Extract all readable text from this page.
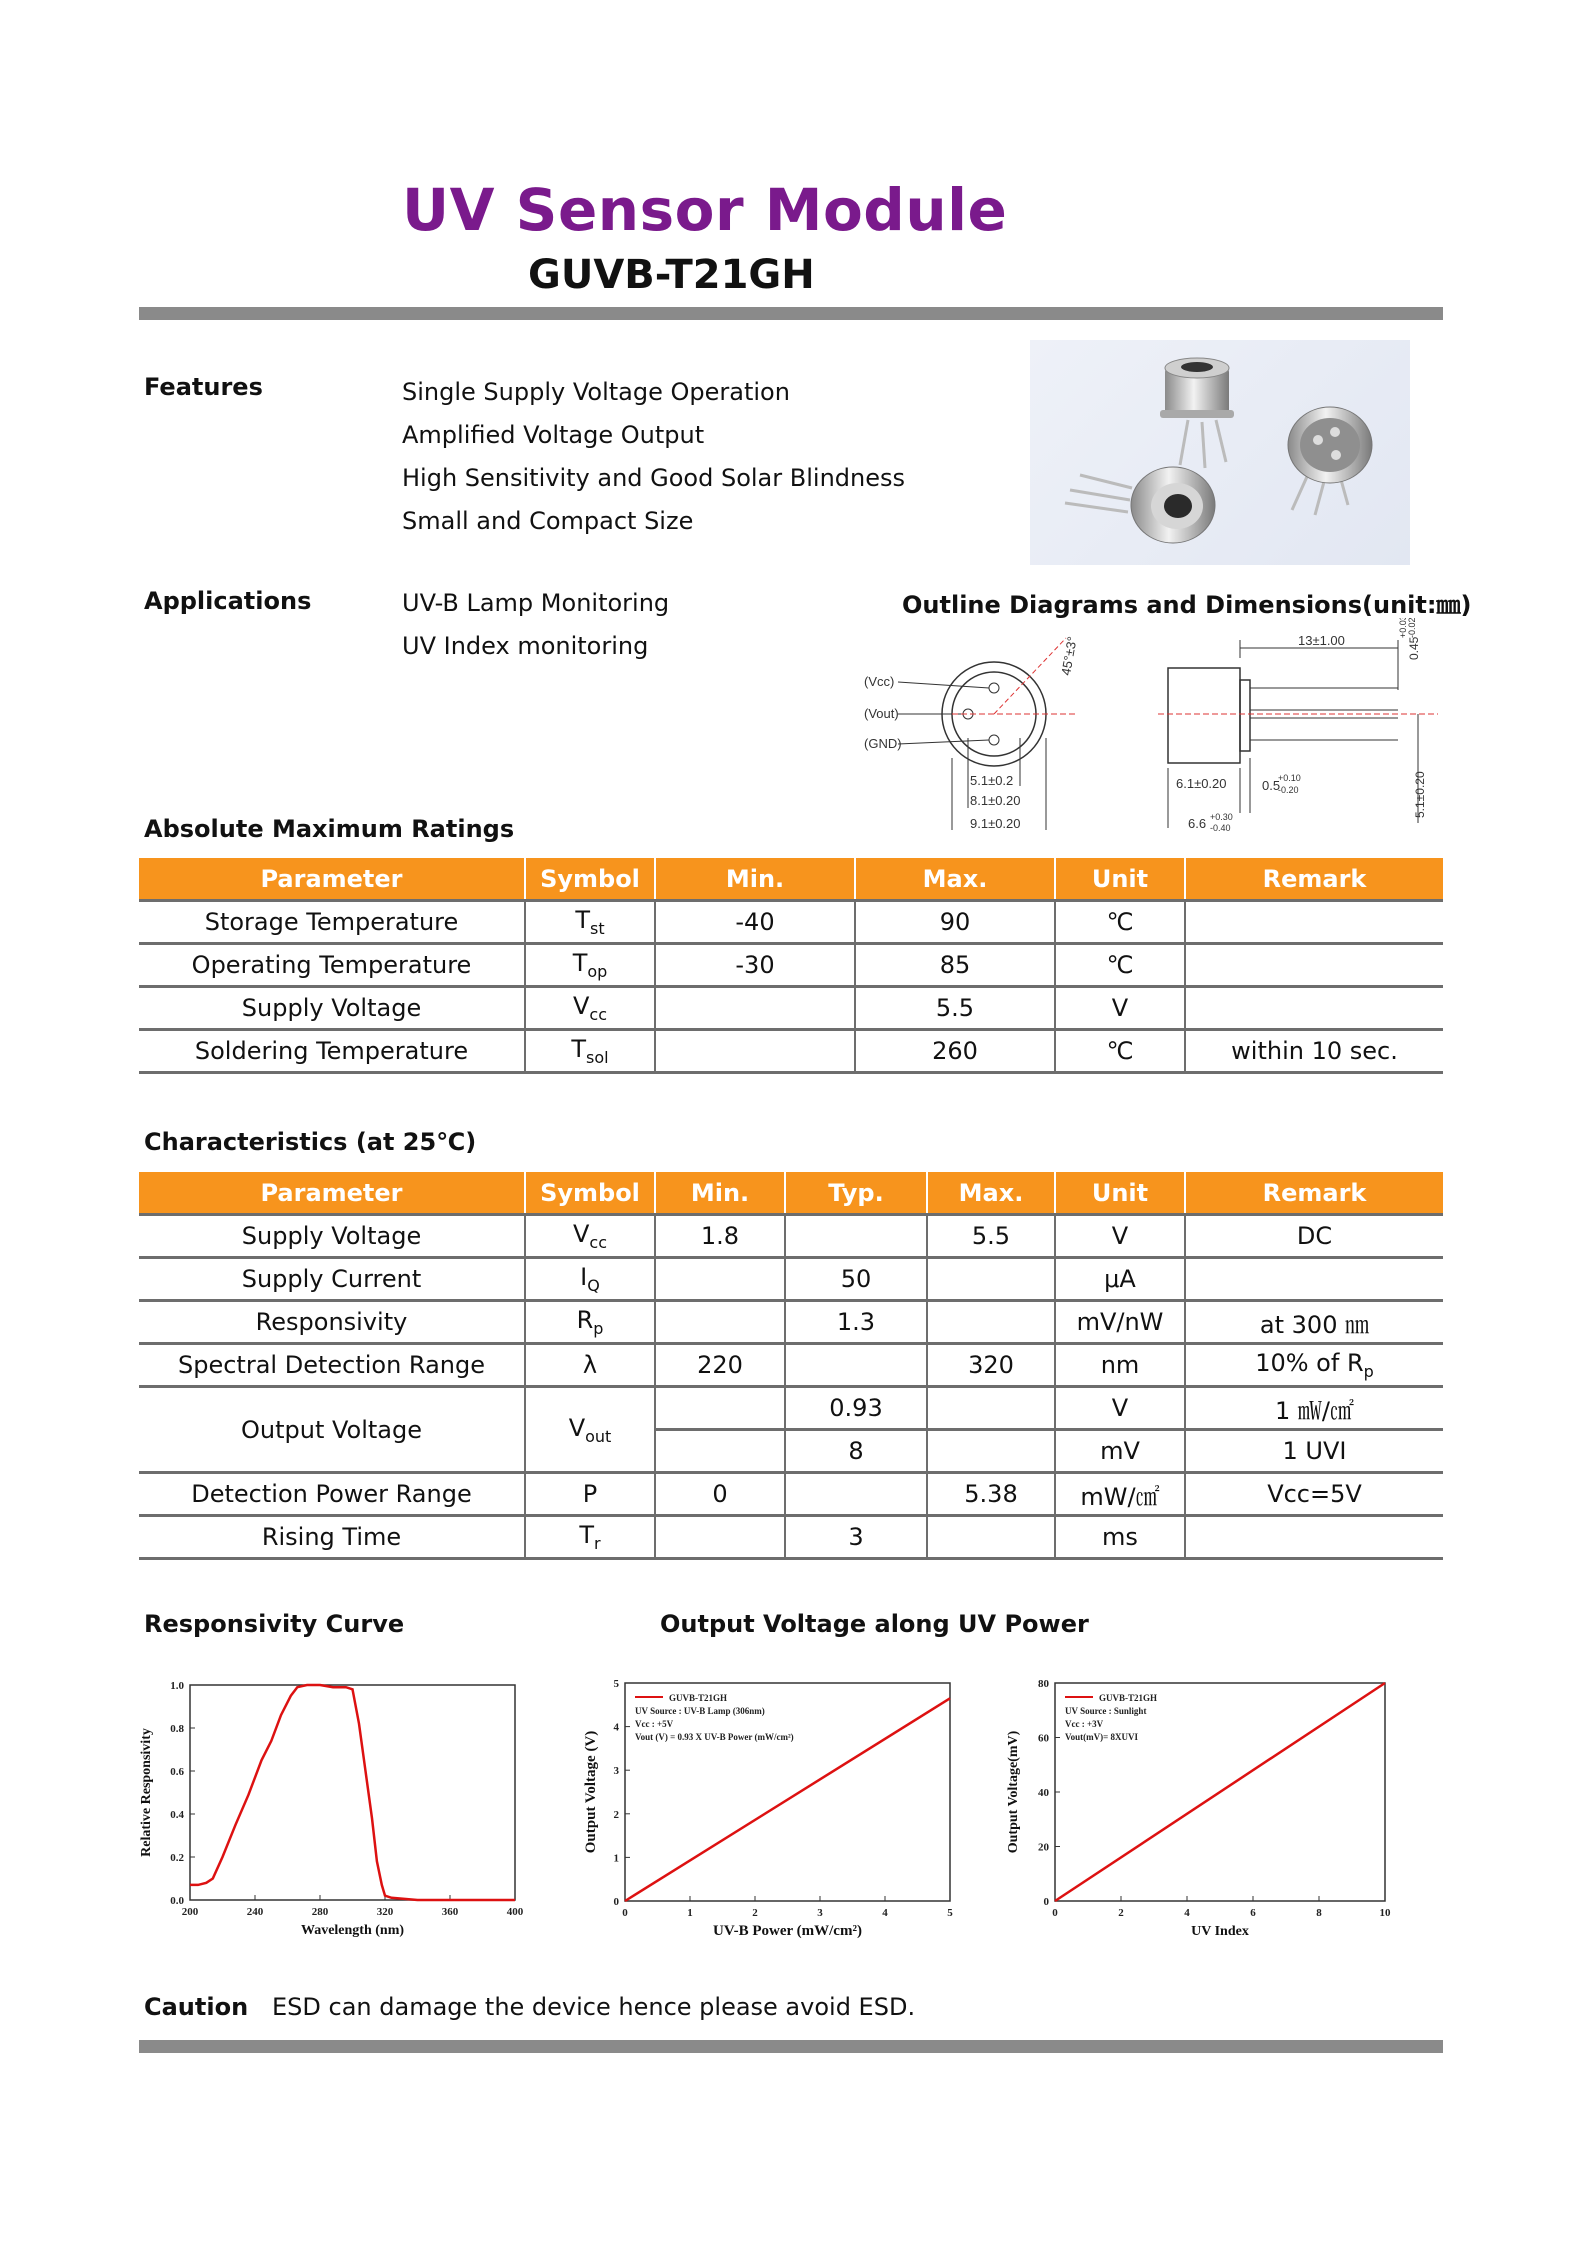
UV Sensor Module
GUVB-T21GH
Features	Single Supply Voltage Operation
Amplified Voltage Output
High Sensitivity and Good Solar Blindness
Small and Compact Size
Applications	UV-B Lamp Monitoring
UV Index monitoring
Outline Diagrams and Dimensions(unit:㎜)
(Vcc)
(Vout)
(GND)
45°±3°
5.1±0.2
8.1±0.20
9.1±0.20
13±1.00	0.45
+0.03 -0.02
6.1±0.20	0.5
+0.10
-0.20
6.6 +0.30
-0.40
5.1±0.20
Absolute Maximum Ratings
Parameter	Symbol	Min.	Max.	Unit	Remark
Storage Temperature	$T_{st}$	-40	90	℃	
Operating Temperature	$T_{op}$	-30	85	℃	
Supply Voltage	$V_{cc}$		5.5	V	
Soldering Temperature	$T_{sol}$		260	℃	within 10 sec.
Characteristics (at 25℃)
Parameter	Symbol	Min.	Typ.	Max.	Unit	Remark
Supply Voltage	$V_{cc}$	1.8		5.5	V	DC
Supply Current	$I_Q$		50		μA	
Responsivity	$R_p$		1.3		mV/nW	at 300 ㎚
Spectral Detection Range	λ	220		320	nm	10% of $R_p$
Output Voltage	$V_{out}$		0.93		V	1 ㎽/㎠
			8		mV	1 UVI
Detection Power Range	P	0		5.38	mW/㎠	Vcc=5V
Rising Time	$T_r$		3		ms	
Responsivity Curve	Output Voltage along UV Power
200	240	280	320	360	400
0.0
0.2
0.4
0.6
0.8
1.0
Wavelength (nm)
Relative Responsivity
0	1	2	3	4	5
0
1
2
3
4
5
UV-B Power (mW/cm²)
Output Voltage (V)
GUVB-T21GH
UV Source : UV-B Lamp (306nm)
Vcc : +5V
Vout (V) = 0.93 X UV-B Power (mW/cm²)
0	2	4	6	8	10
0
20
40
60
80
UV Index
Output Voltage(mV)
GUVB-T21GH
UV Source : Sunlight
Vcc : +3V
Vout(mV)= 8XUVI
Caution ESD can damage the device hence please avoid ESD.
